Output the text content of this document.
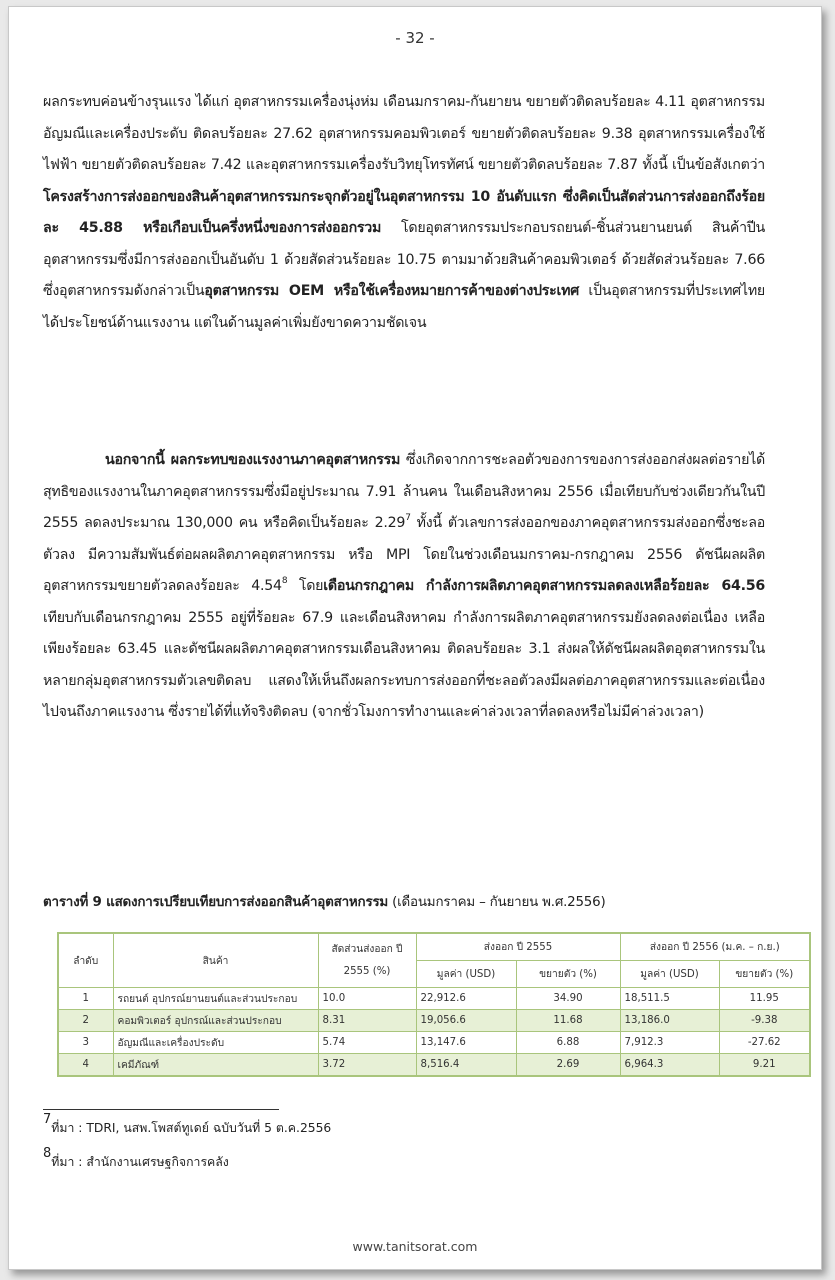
- 32 -

ผลกระทบค่อนข้างรุนแรง ได้แก่ อุตสาหกรรมเครื่องนุ่งห่ม เดือนมกราคม-กันยายน ขยายตัวติดลบร้อยละ 4.11 อุตสาหกรรมอัญมณีและเครื่องประดับ ติดลบร้อยละ 27.62 อุตสาหกรรมคอมพิวเตอร์ ขยายตัวติดลบร้อยละ 9.38 อุตสาหกรรมเครื่องใช้ไฟฟ้า ขยายตัวติดลบร้อยละ 7.42 และอุตสาหกรรมเครื่องรับวิทยุโทรทัศน์ ขยายตัวติดลบร้อยละ 7.87 ทั้งนี้ เป็นข้อสังเกตว่า โครงสร้างการส่งออกของสินค้าอุตสาหกรรมกระจุกตัวอยู่ในอุตสาหกรรม 10 อันดับแรก ซึ่งคิดเป็นสัดส่วนการส่งออกถึงร้อยละ 45.88 หรือเกือบเป็นครึ่งหนึ่งของการส่งออกรวม โดยอุตสาหกรรมประกอบรถยนต์-ชิ้นส่วนยานยนต์ สินค้าปีนอุตสาหกรรมซึ่งมีการส่งออกเป็นอันดับ 1 ด้วยสัดส่วนร้อยละ 10.75 ตามมาด้วยสินค้าคอมพิวเตอร์ ด้วยสัดส่วนร้อยละ 7.66 ซึ่งอุตสาหกรรมดังกล่าวเป็นอุตสาหกรรม OEM หรือใช้เครื่องหมายการค้าของต่างประเทศ เป็นอุตสาหกรรมที่ประเทศไทยได้ประโยชน์ด้านแรงงาน แต่ในด้านมูลค่าเพิ่มยังขาดความชัดเจน

นอกจากนี้ ผลกระทบของแรงงานภาคอุตสาหกรรม ซึ่งเกิดจากการชะลอตัวของการของการส่งออกส่งผลต่อรายได้สุทธิของแรงงานในภาคอุตสาหกรรรมซึ่งมีอยู่ประมาณ 7.91 ล้านคน ในเดือนสิงหาคม 2556 เมื่อเทียบกับช่วงเดียวกันในปี 2555 ลดลงประมาณ 130,000 คน หรือคิดเป็นร้อยละ 2.29$^7$ ทั้งนี้ ตัวเลขการส่งออกของภาคอุตสาหกรรมส่งออกซึ่งชะลอตัวลง มีความสัมพันธ์ต่อผลผลิตภาคอุตสาหกรรม หรือ MPI โดยในช่วงเดือนมกราคม-กรกฎาคม 2556 ดัชนีผลผลิตอุตสาหกรรมขยายตัวลดลงร้อยละ 4.54$^8$ โดยเดือนกรกฎาคม กำลังการผลิตภาคอุตสาหกรรมลดลงเหลือร้อยละ 64.56 เทียบกับเดือนกรกฎาคม 2555 อยู่ที่ร้อยละ 67.9 และเดือนสิงหาคม กำลังการผลิตภาคอุตสาหกรรมยังลดลงต่อเนื่อง เหลือเพียงร้อยละ 63.45 และดัชนีผลผลิตภาคอุตสาหกรรมเดือนสิงหาคม ติดลบร้อยละ 3.1 ส่งผลให้ดัชนีผลผลิตอุตสาหกรรมในหลายกลุ่มอุตสาหกรรมตัวเลขติดลบ แสดงให้เห็นถึงผลกระทบการส่งออกที่ชะลอตัวลงมีผลต่อภาคอุตสาหกรรมและต่อเนื่องไปจนถึงภาคแรงงาน ซึ่งรายได้ที่แท้จริงติดลบ (จากชั่วโมงการทำงานและค่าล่วงเวลาที่ลดลงหรือไม่มีค่าล่วงเวลา)

ตารางที่ 9 แสดงการเปรียบเทียบการส่งออกสินค้าอุตสาหกรรม (เดือนมกราคม – กันยายน พ.ศ.2556)
ลำดับ	สินค้า	สัดส่วนส่งออก ปี 2555 (%)	ส่งออก ปี 2555		ส่งออก ปี 2556 (ม.ค. – ก.ย.)	
			มูลค่า (USD)	ขยายตัว (%)	มูลค่า (USD)	ขยายตัว (%)
1	รถยนต์ อุปกรณ์ยานยนต์และส่วนประกอบ	10.0	22,912.6	34.90	18,511.5	11.95
2	คอมพิวเตอร์ อุปกรณ์และส่วนประกอบ	8.31	19,056.6	11.68	13,186.0	-9.38
3	อัญมณีและเครื่องประดับ	5.74	13,147.6	6.88	7,912.3	-27.62
4	เคมีภัณฑ์	3.72	8,516.4	2.69	6,964.3	9.21
7ที่มา : TDRI, นสพ.โพสต์ทูเดย์ ฉบับวันที่ 5 ต.ค.2556
8ที่มา : สำนักงานเศรษฐกิจการคลัง
www.tanitsorat.com
